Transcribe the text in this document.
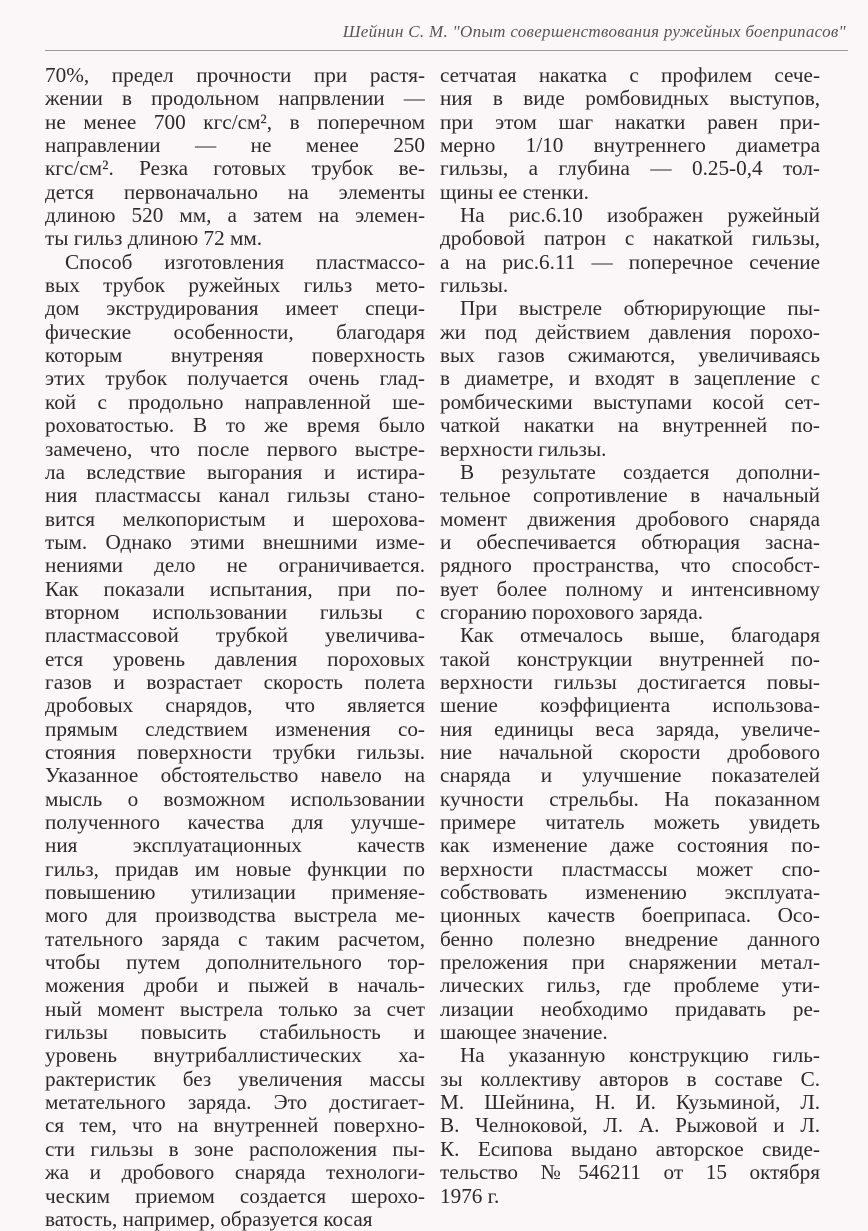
Шейнин С. М. "Опыт совершенствования ружейных боеприпасов"
70%, предел прочности при растя-
жении в продольном напрвлении —
не менее 700 кгс/см², в поперечном
направлении — не менее 250
кгс/см². Резка готовых трубок ве-
дется первоначально на элементы
длиною 520 мм, а затем на элемен-
ты гильз длиною 72 мм.
Способ изготовления пластмассо-
вых трубок ружейных гильз мето-
дом экструдирования имеет специ-
фические особенности, благодаря
которым внутреняя поверхность
этих трубок получается очень глад-
кой с продольно направленной ше-
роховатостью. В то же время было
замечено, что после первого выстре-
ла вследствие выгорания и истира-
ния пластмассы канал гильзы стано-
вится мелкопористым и шерохова-
тым. Однако этими внешними изме-
нениями дело не ограничивается.
Как показали испытания, при по-
вторном использовании гильзы с
пластмассовой трубкой увеличива-
ется уровень давления пороховых
газов и возрастает скорость полета
дробовых снарядов, что является
прямым следствием изменения со-
стояния поверхности трубки гильзы.
Указанное обстоятельство навело на
мысль о возможном использовании
полученного качества для улучше-
ния эксплуатационных качеств
гильз, придав им новые функции по
повышению утилизации применяе-
мого для производства выстрела ме-
тательного заряда с таким расчетом,
чтобы путем дополнительного тор-
можения дроби и пыжей в началь-
ный момент выстрела только за счет
гильзы повысить стабильность и
уровень внутрибаллистических ха-
рактеристик без увеличения массы
метательного заряда. Это достигает-
ся тем, что на внутренней поверхно-
сти гильзы в зоне расположения пы-
жа и дробового снаряда технологи-
ческим приемом создается шерохо-
ватость, например, образуется косая
сетчатая накатка с профилем сече-
ния в виде ромбовидных выступов,
при этом шаг накатки равен при-
мерно 1/10 внутреннего диаметра
гильзы, а глубина — 0.25-0,4 тол-
щины ее стенки.
На рис.6.10 изображен ружейный
дробовой патрон с накаткой гильзы,
а на рис.6.11 — поперечное сечение
гильзы.
При выстреле обтюрирующие пы-
жи под действием давления порохо-
вых газов сжимаются, увеличиваясь
в диаметре, и входят в зацепление с
ромбическими выступами косой сет-
чаткой накатки на внутренней по-
верхности гильзы.
В результате создается дополни-
тельное сопротивление в начальный
момент движения дробового снаряда
и обеспечивается обтюрация засна-
рядного пространства, что способст-
вует более полному и интенсивному
сгоранию порохового заряда.
Как отмечалось выше, благодаря
такой конструкции внутренней по-
верхности гильзы достигается повы-
шение коэффициента использова-
ния единицы веса заряда, увеличе-
ние начальной скорости дробового
снаряда и улучшение показателей
кучности стрельбы. На показанном
примере читатель можеть увидеть
как изменение даже состояния по-
верхности пластмассы может спо-
собствовать изменению эксплуата-
ционных качеств боеприпаса. Осо-
бенно полезно внедрение данного
преложения при снаряжении метал-
лических гильз, где проблеме ути-
лизации необходимо придавать ре-
шающее значение.
На указанную конструкцию гиль-
зы коллективу авторов в составе С.
М. Шейнина, Н. И. Кузьминой, Л.
В. Челноковой, Л. А. Рыжовой и Л.
К. Есипова выдано авторское свиде-
тельство №546211 от 15 октября
1976 г.
